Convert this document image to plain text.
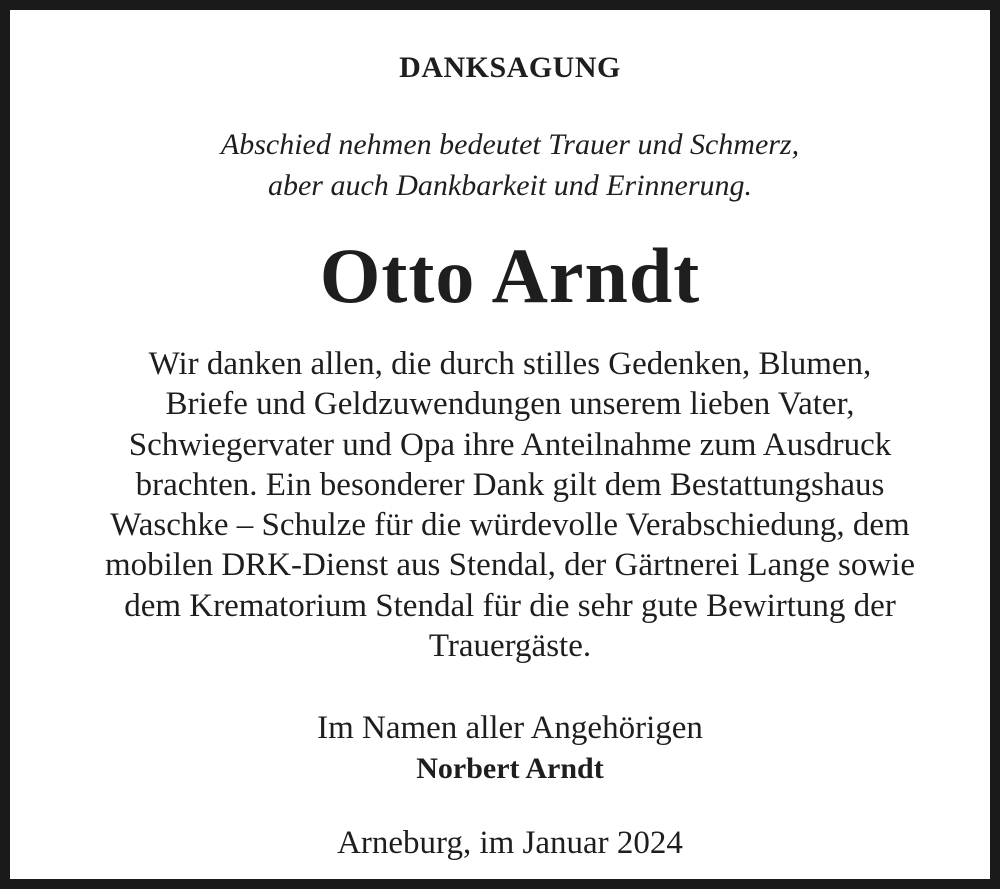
DANKSAGUNG
Abschied nehmen bedeutet Trauer und Schmerz,
aber auch Dankbarkeit und Erinnerung.
Otto Arndt
Wir danken allen, die durch stilles Gedenken, Blumen,
Briefe und Geldzuwendungen unserem lieben Vater,
Schwiegervater und Opa ihre Anteilnahme zum Ausdruck
brachten. Ein besonderer Dank gilt dem Bestattungshaus
Waschke – Schulze für die würdevolle Verabschiedung, dem
mobilen DRK-Dienst aus Stendal, der Gärtnerei Lange sowie
dem Krematorium Stendal für die sehr gute Bewirtung der
Trauergäste.
Im Namen aller Angehörigen
Norbert Arndt
Arneburg, im Januar 2024
